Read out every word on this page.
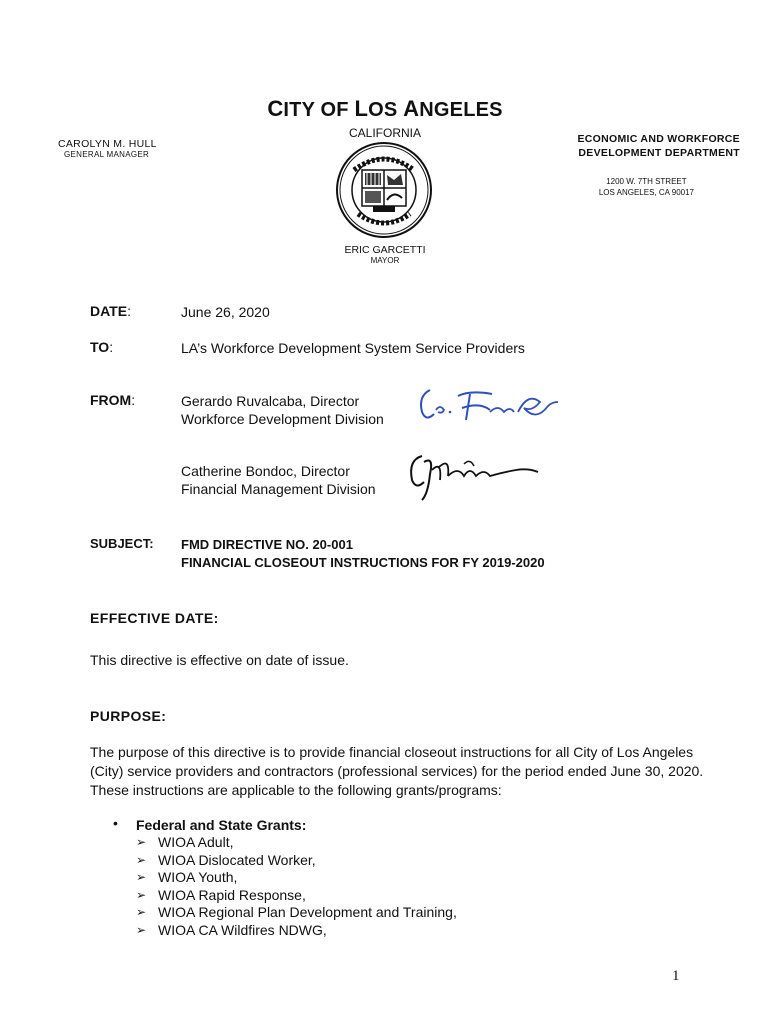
CITY OF LOS ANGELES
CALIFORNIA
CAROLYN M. HULL
GENERAL MANAGER
ECONOMIC AND WORKFORCE
DEVELOPMENT DEPARTMENT
1200 W. 7TH STREET
LOS ANGELES, CA 90017
ERIC GARCETTI
MAYOR
DATE:	June 26, 2020
TO:	LA’s Workforce Development System Service Providers
FROM:	Gerardo Ruvalcaba, Director
Workforce Development Division
Catherine Bondoc, Director
Financial Management Division
SUBJECT: FMD DIRECTIVE NO. 20-001
FINANCIAL CLOSEOUT INSTRUCTIONS FOR FY 2019-2020
EFFECTIVE DATE:
This directive is effective on date of issue.
PURPOSE:
The purpose of this directive is to provide financial closeout instructions for all City of Los Angeles (City) service providers and contractors (professional services) for the period ended June 30, 2020. These instructions are applicable to the following grants/programs:
• Federal and State Grants:
➢ WIOA Adult,
➢ WIOA Dislocated Worker,
➢ WIOA Youth,
➢ WIOA Rapid Response,
➢ WIOA Regional Plan Development and Training,
➢ WIOA CA Wildfires NDWG,
1
